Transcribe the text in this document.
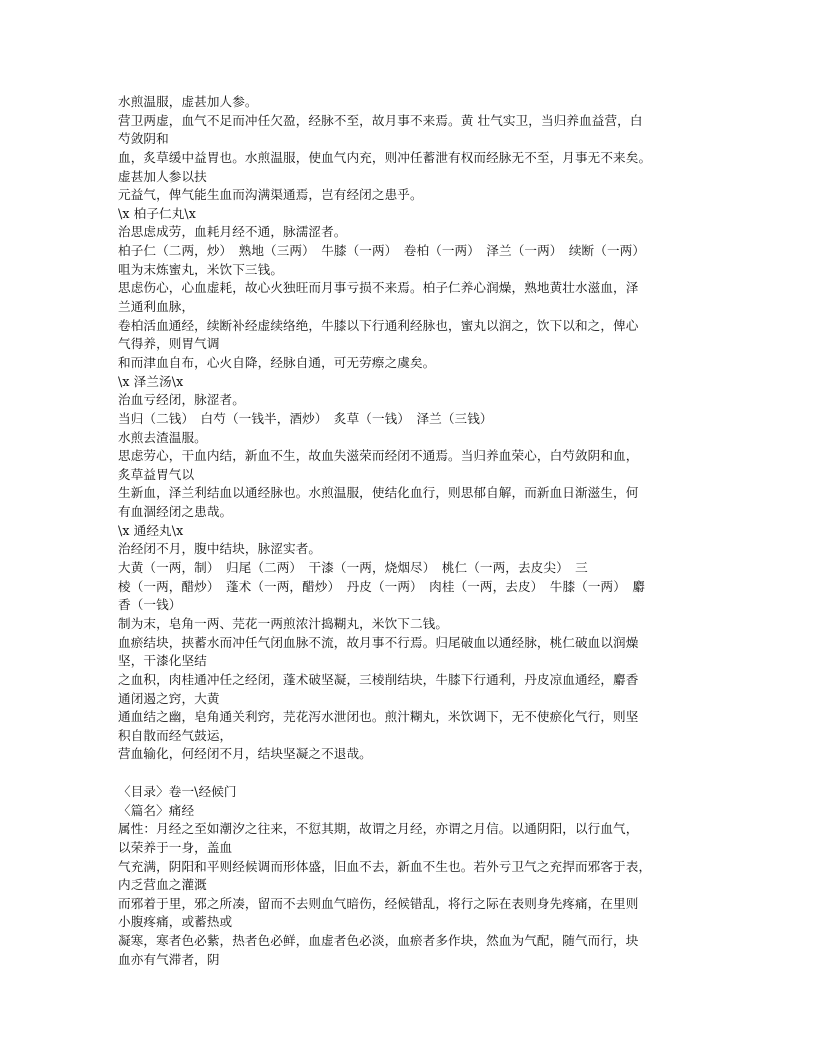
水煎温服，虚甚加人参。
营卫两虚，血气不足而冲任欠盈，经脉不至，故月事不来焉。黄 壮气实卫，当归养血益营，白
芍敛阴和
血，炙草缓中益胃也。水煎温服，使血气内充，则冲任蓄泄有权而经脉无不至，月事无不来矣。
虚甚加人参以扶
元益气，俾气能生血而沟满渠通焉，岂有经闭之患乎。
\x 柏子仁丸\x
治思虑成劳，血耗月经不通，脉濡涩者。
柏子仁（二两，炒）　熟地（三两）　牛膝（一两）　卷柏（一两）　泽兰（一两）　续断（一两）
咀为末炼蜜丸，米饮下三钱。
思虑伤心，心血虚耗，故心火独旺而月事亏损不来焉。柏子仁养心润燥，熟地黄壮水滋血，泽
兰通利血脉，
卷柏活血通经，续断补经虚续络绝，牛膝以下行通利经脉也，蜜丸以润之，饮下以和之，俾心
气得养，则胃气调
和而津血自布，心火自降，经脉自通，可无劳瘵之虞矣。
\x 泽兰汤\x
治血亏经闭，脉涩者。
当归（二钱）　白芍（一钱半，酒炒）　炙草（一钱）　泽兰（三钱）
水煎去渣温服。
思虑劳心，干血内结，新血不生，故血失滋荣而经闭不通焉。当归养血荣心，白芍敛阴和血，
炙草益胃气以
生新血，泽兰利结血以通经脉也。水煎温服，使结化血行，则思郁自解，而新血日渐滋生，何
有血涸经闭之患哉。
\x 通经丸\x
治经闭不月，腹中结块，脉涩实者。
大黄（一两，制）　归尾（二两）　干漆（一两，烧烟尽）　桃仁（一两，去皮尖）　三
棱（一两，醋炒）　蓬术（一两，醋炒）　丹皮（一两）　肉桂（一两，去皮）　牛膝（一两）　麝
香（一钱）
制为末，皂角一两、芫花一两煎浓汁捣糊丸，米饮下二钱。
血瘀结块，挟蓄水而冲任气闭血脉不流，故月事不行焉。归尾破血以通经脉，桃仁破血以润燥
坚，干漆化坚结
之血积，肉桂通冲任之经闭，蓬术破坚凝，三棱削结块，牛膝下行通利，丹皮凉血通经，麝香
通闭遏之窍，大黄
通血结之幽，皂角通关利窍，芫花泻水泄闭也。煎汁糊丸，米饮调下，无不使瘀化气行，则坚
积自散而经气鼓运，
营血输化，何经闭不月，结块坚凝之不退哉。
〈目录〉卷一\经候门
〈篇名〉痛经
属性：月经之至如潮汐之往来，不愆其期，故谓之月经，亦谓之月信。以通阴阳，以行血气，
以荣养于一身，盖血
气充满，阴阳和平则经候调而形体盛，旧血不去，新血不生也。若外亏卫气之充捍而邪客于表，
内乏营血之灌溉
而邪着于里，邪之所凑，留而不去则血气暗伤，经候错乱，将行之际在表则身先疼痛，在里则
小腹疼痛，或蓄热或
凝寒，寒者色必紫，热者色必鲜，血虚者色必淡，血瘀者多作块，然血为气配，随气而行，块
血亦有气滞者，阴
